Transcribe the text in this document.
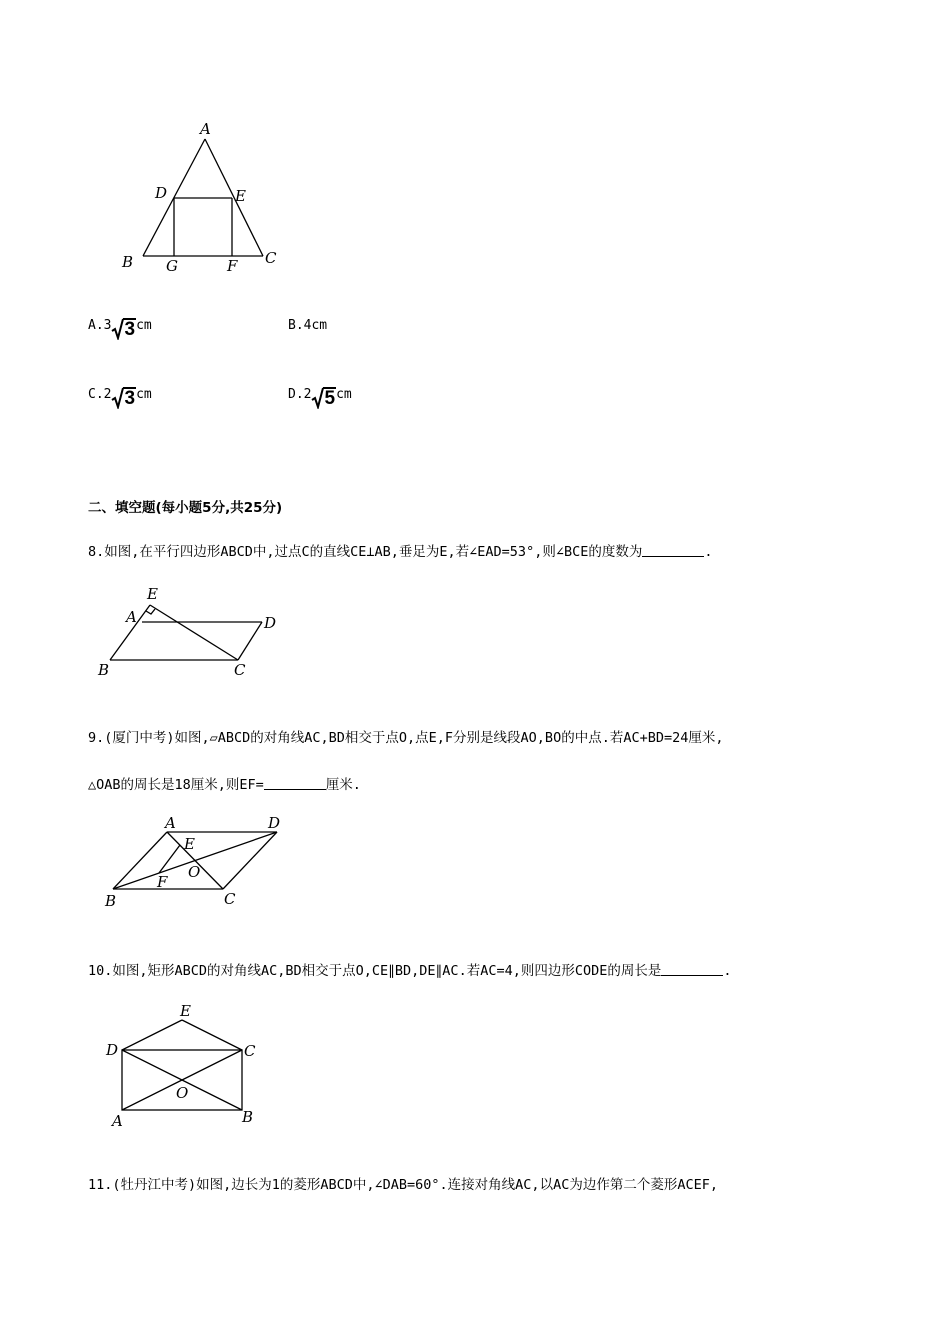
A
D	E
B G	F C
A.3 3cm	B.4cm
C.2 3cm	D.2 5cm
二、填空题(每小题5分,共25分)
8.如图,在平行四边形ABCD中,过点C的直线CE⊥AB,垂足为E,若∠EAD=53°,则∠BCE的度数为	.
E
A	D
B	C
9.(厦门中考)如图,▱ABCD的对角线AC,BD相交于点O,点E,F分别是线段AO,BO的中点.若AC+BD=24厘米,
△OAB的周长是18厘米,则EF=	厘米.
A	D
E
O
F
B	C
10.如图,矩形ABCD的对角线AC,BD相交于点O,CE∥BD,DE∥AC.若AC=4,则四边形CODE的周长是	.
E
D	C
O
A	B
11.(牡丹江中考)如图,边长为1的菱形ABCD中,∠DAB=60°.连接对角线AC,以AC为边作第二个菱形ACEF,
